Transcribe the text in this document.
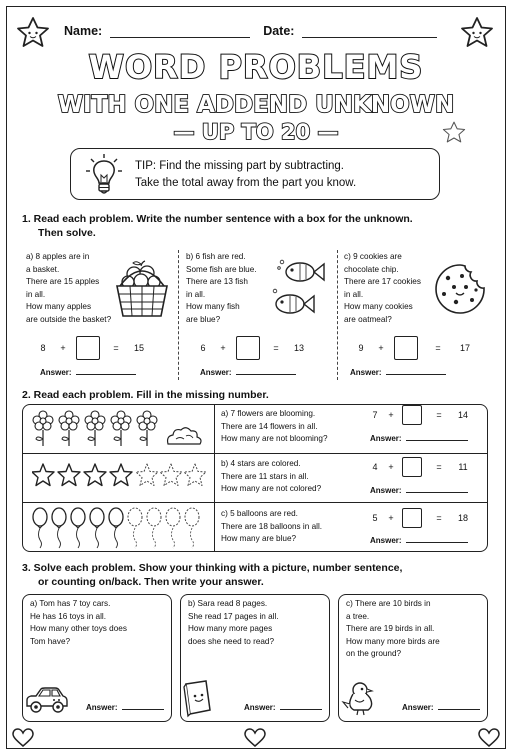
Name:	Date:
WORD PROBLEMS
WITH ONE ADDEND UNKNOWN
— UP TO 20 —
TIP: Find the missing part by subtracting.
Take the total away from the part you know.
1. Read each problem. Write the number sentence with a box for the unknown.
Then solve.
a) 8 apples are in
a basket.
There are 15 apples
in all.
How many apples
are outside the basket?
8	+	=	15
Answer:
b) 6 fish are red.
Some fish are blue.
There are 13 fish
in all.
How many fish
are blue?
6	+	=	13
Answer:
c) 9 cookies are
chocolate chip.
There are 17 cookies
in all.
How many cookies
are oatmeal?
9	+	=	17
Answer:
2. Read each problem. Fill in the missing number.
a) 7 flowers are blooming.
There are 14 flowers in all.
How many are not blooming?
7	+	=	14
Answer:
b) 4 stars are colored.
There are 11 stars in all.
How many are not colored?
4	+	=	11
Answer:
c) 5 balloons are red.
There are 18 balloons in all.
How many are blue?
5	+	=	18
Answer:
3. Solve each problem. Show your thinking with a picture, number sentence,
or counting on/back. Then write your answer.
a) Tom has 7 toy cars.
He has 16 toys in all.
How many other toys does
Tom have?
Answer:
b) Sara read 8 pages.
She read 17 pages in all.
How many more pages
does she need to read?
Answer:
c) There are 10 birds in
a tree.
There are 19 birds in all.
How many more birds are
on the ground?
Answer:
